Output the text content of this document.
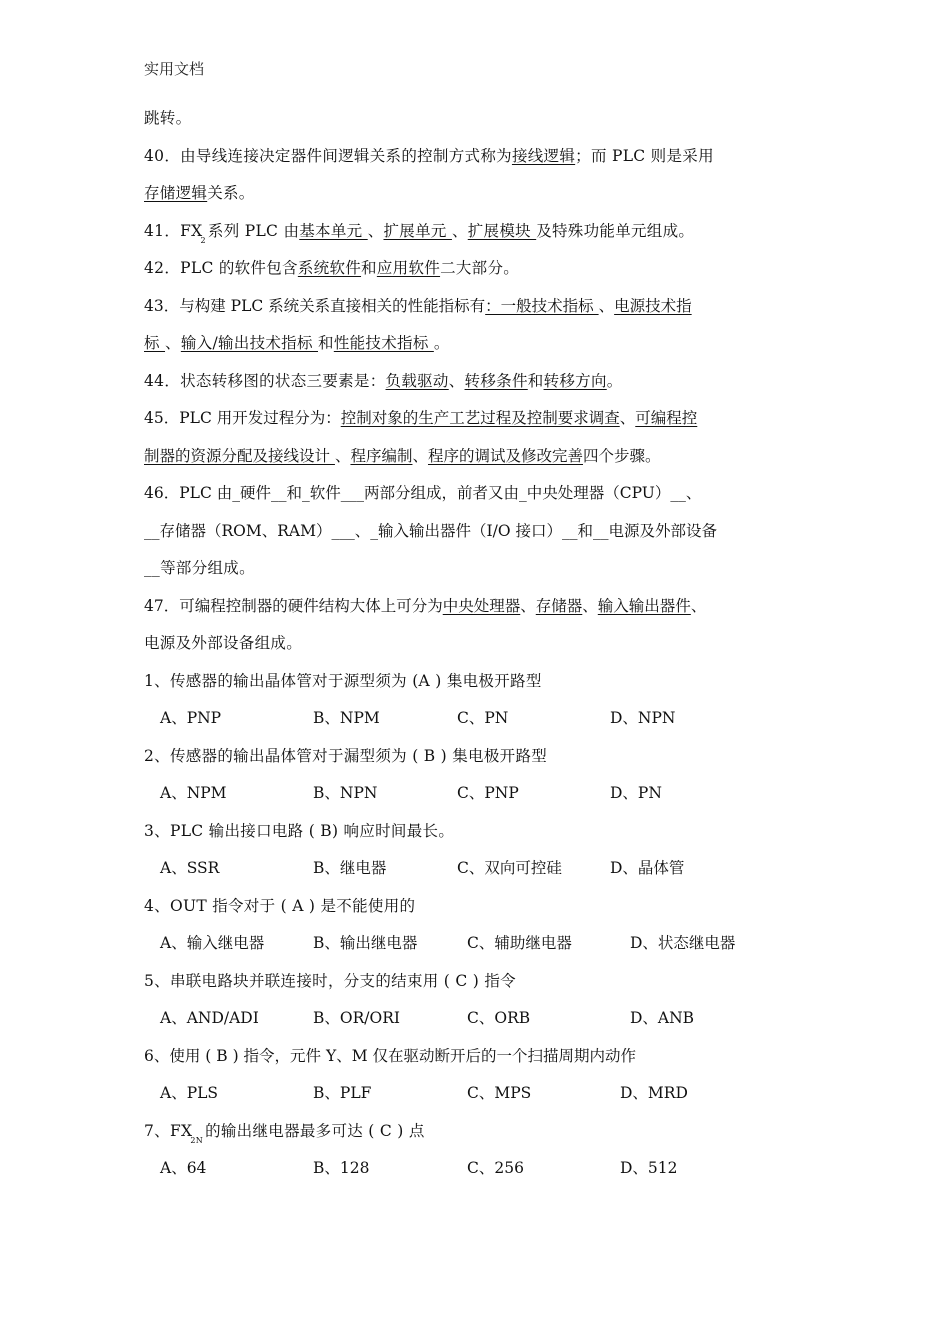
实用文档
跳转。
40．由导线连接决定器件间逻辑关系的控制方式称为接线逻辑；而 PLC 则是采用
存储逻辑关系。
41．$FX_2$系列 PLC 由基本单元 、扩展单元 、扩展模块 及特殊功能单元组成。
42．PLC 的软件包含系统软件和应用软件二大部分。
43．与构建 PLC 系统关系直接相关的性能指标有：一般技术指标 、电源技术指
标 、输入/输出技术指标 和性能技术指标 。
44．状态转移图的状态三要素是：负载驱动、转移条件和转移方向。
45．PLC 用开发过程分为：控制对象的生产工艺过程及控制要求调查、可编程控
制器的资源分配及接线设计 、程序编制、程序的调试及修改完善四个步骤。
46．PLC 由_硬件__和_软件___两部分组成，前者又由_中央处理器（CPU）__、
__存储器（ROM、RAM）___、_输入输出器件（I/O 接口）__和__电源及外部设备
__等部分组成。
47．可编程控制器的硬件结构大体上可分为中央处理器、存储器、输入输出器件、
电源及外部设备组成。
1、传感器的输出晶体管对于源型须为 (A ) 集电极开路型
A、PNP	B、NPM	C、PN	D、NPN
2、传感器的输出晶体管对于漏型须为 ( B ) 集电极开路型
A、NPM	B、NPN	C、PNP	D、PN
3、PLC 输出接口电路 ( B) 响应时间最长。
A、SSR	B、继电器	C、双向可控硅	D、晶体管
4、OUT 指令对于 ( A ) 是不能使用的
A、输入继电器	B、输出继电器	C、辅助继电器	D、状态继电器
5、串联电路块并联连接时，分支的结束用 ( C ) 指令
A、AND/ADI	B、OR/ORI	C、ORB	D、ANB
6、使用 ( B ) 指令，元件 Y、M 仅在驱动断开后的一个扫描周期内动作
A、PLS	B、PLF	C、MPS	D、MRD
7、$FX_{2N}$的输出继电器最多可达 ( C ) 点
A、64	B、128	C、256	D、512
